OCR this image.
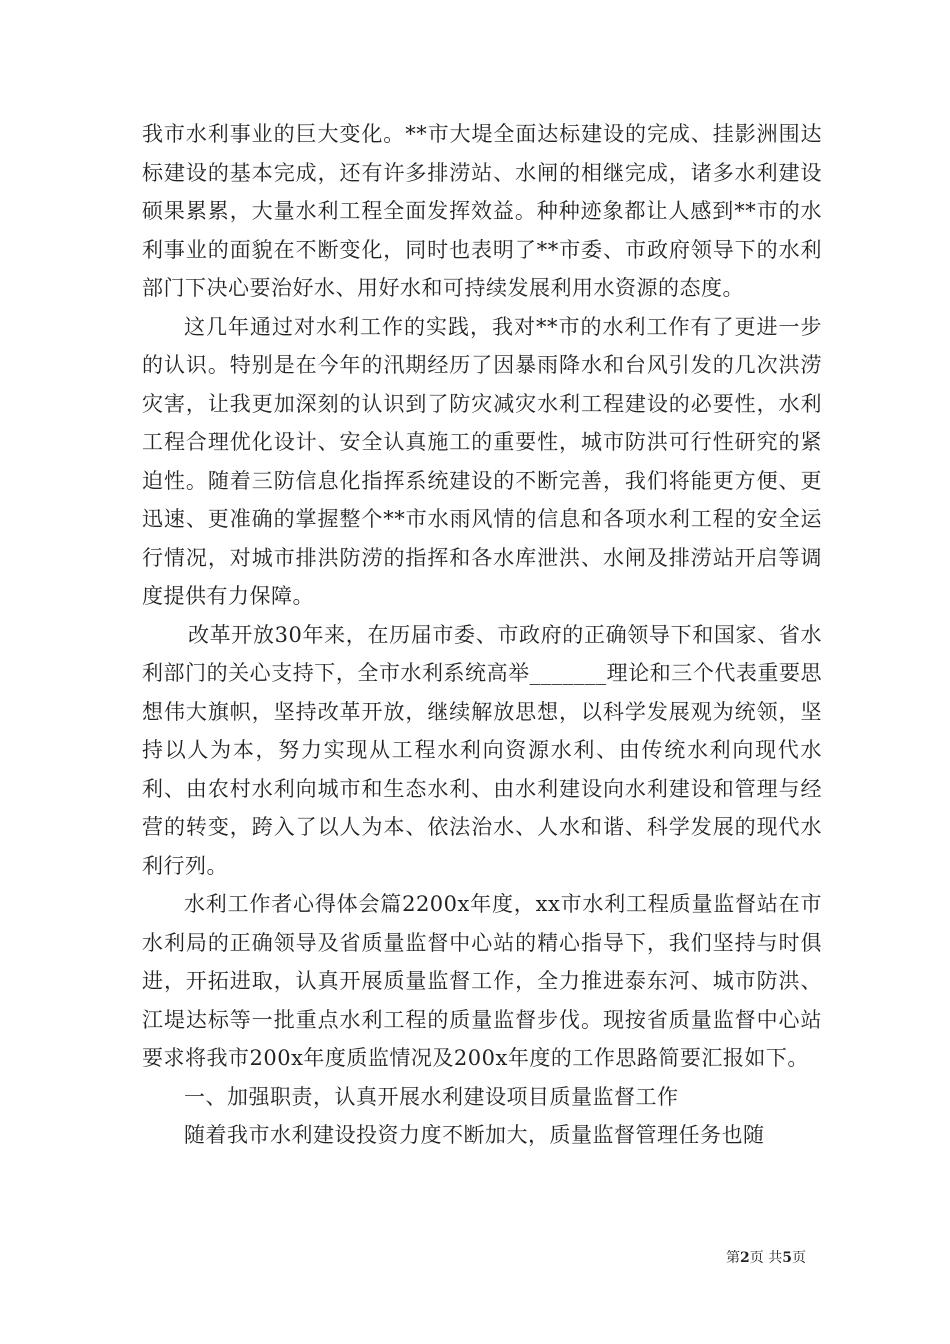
我市水利事业的巨大变化。**市大堤全面达标建设的完成、挂影洲围达标建设的基本完成，还有许多排涝站、水闸的相继完成，诸多水利建设硕果累累，大量水利工程全面发挥效益。种种迹象都让人感到**市的水利事业的面貌在不断变化，同时也表明了**市委、市政府领导下的水利部门下决心要治好水、用好水和可持续发展利用水资源的态度。

这几年通过对水利工作的实践，我对**市的水利工作有了更进一步的认识。特别是在今年的汛期经历了因暴雨降水和台风引发的几次洪涝灾害，让我更加深刻的认识到了防灾减灾水利工程建设的必要性，水利工程合理优化设计、安全认真施工的重要性，城市防洪可行性研究的紧迫性。随着三防信息化指挥系统建设的不断完善，我们将能更方便、更迅速、更准确的掌握整个**市水雨风情的信息和各项水利工程的安全运行情况，对城市排洪防涝的指挥和各水库泄洪、水闸及排涝站开启等调度提供有力保障。

改革开放30年来，在历届市委、市政府的正确领导下和国家、省水利部门的关心支持下，全市水利系统高举_______理论和三个代表重要思想伟大旗帜，坚持改革开放，继续解放思想，以科学发展观为统领，坚持以人为本，努力实现从工程水利向资源水利、由传统水利向现代水利、由农村水利向城市和生态水利、由水利建设向水利建设和管理与经营的转变，跨入了以人为本、依法治水、人水和谐、科学发展的现代水利行列。

水利工作者心得体会篇2200x年度，xx市水利工程质量监督站在市水利局的正确领导及省质量监督中心站的精心指导下，我们坚持与时俱进，开拓进取，认真开展质量监督工作，全力推进泰东河、城市防洪、江堤达标等一批重点水利工程的质量监督步伐。现按省质量监督中心站要求将我市200x年度质监情况及200x年度的工作思路简要汇报如下。

一、加强职责，认真开展水利建设项目质量监督工作

随着我市水利建设投资力度不断加大，质量监督管理任务也随

第2页 共5页
